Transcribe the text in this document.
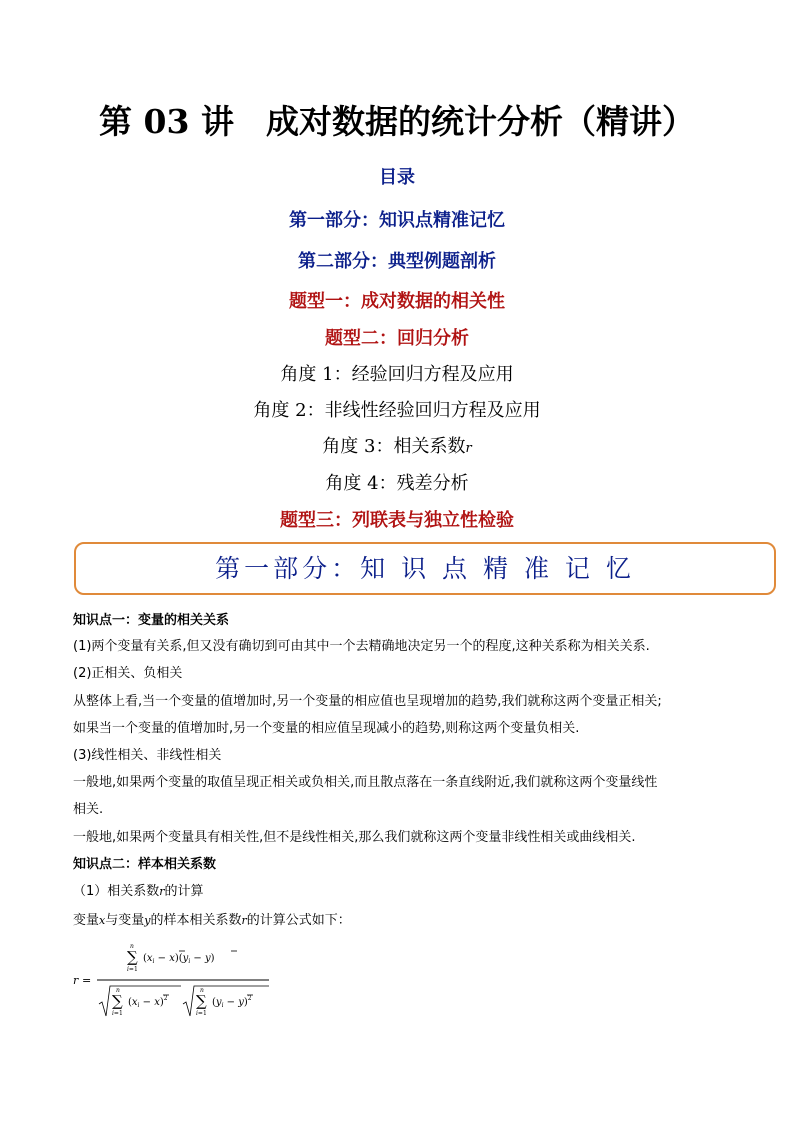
第 03 讲 成对数据的统计分析（精讲）
目录
第一部分：知识点精准记忆
第二部分：典型例题剖析
题型一：成对数据的相关性
题型二：回归分析
角度 1：经验回归方程及应用
角度 2：非线性经验回归方程及应用
角度 3：相关系数r
角度 4：残差分析
题型三：列联表与独立性检验
第一部分：知 识 点 精 准 记 忆
知识点一：变量的相关关系
(1)两个变量有关系,但又没有确切到可由其中一个去精确地决定另一个的程度,这种关系称为相关关系.
(2)正相关、负相关
从整体上看,当一个变量的值增加时,另一个变量的相应值也呈现增加的趋势,我们就称这两个变量正相关;
如果当一个变量的值增加时,另一个变量的相应值呈现减小的趋势,则称这两个变量负相关.
(3)线性相关、非线性相关
一般地,如果两个变量的取值呈现正相关或负相关,而且散点落在一条直线附近,我们就称这两个变量线性
相关.
一般地,如果两个变量具有相关性,但不是线性相关,那么我们就称这两个变量非线性相关或曲线相关.
知识点二：样本相关系数
（1）相关系数r的计算
变量x与变量y的样本相关系数r的计算公式如下：
r =
n
∑
i=1
$(x_i - x)(y_i - y)$
n
∑
i=1
$(x_i - x)^2$
n
∑
i=1
$(y_i - y)^2$
